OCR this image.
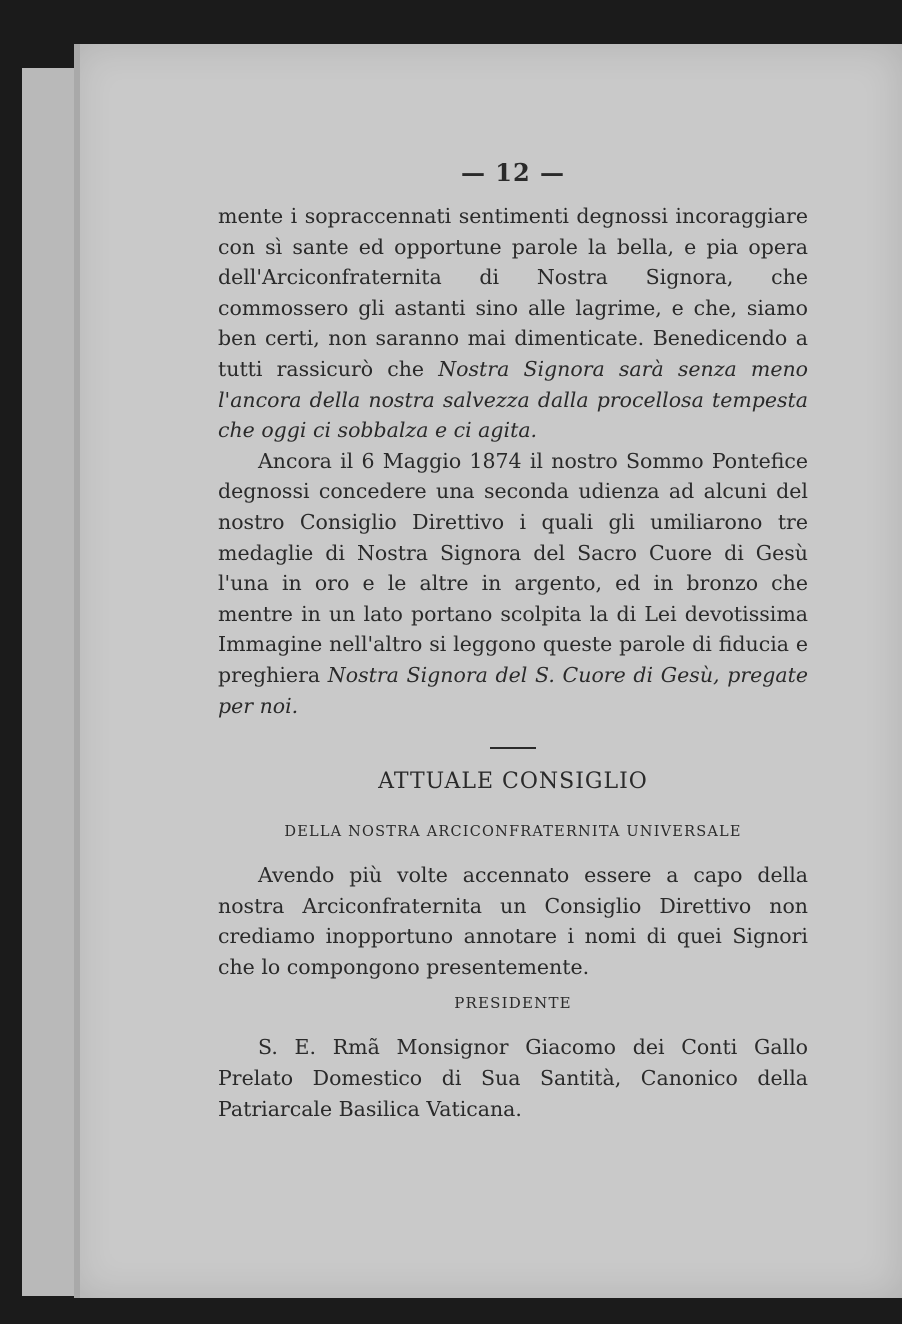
— 12 —

mente i sopraccennati sentimenti degnossi incoraggiare con sì sante ed opportune parole la bella, e pia opera dell'Arciconfraternita di Nostra Signora, che commossero gli astanti sino alle lagrime, e che, siamo ben certi, non saranno mai dimenticate. Benedicendo a tutti rassicurò che Nostra Signora sarà senza meno l'ancora della nostra salvezza dalla procellosa tempesta che oggi ci sobbalza e ci agita.

Ancora il 6 Maggio 1874 il nostro Sommo Pontefice degnossi concedere una seconda udienza ad alcuni del nostro Consiglio Direttivo i quali gli umiliarono tre medaglie di Nostra Signora del Sacro Cuore di Gesù l'una in oro e le altre in argento, ed in bronzo che mentre in un lato portano scolpita la di Lei devotissima Immagine nell'altro si leggono queste parole di fiducia e preghiera Nostra Signora del S. Cuore di Gesù, pregate per noi.

ATTUALE CONSIGLIO
DELLA NOSTRA ARCICONFRATERNITA UNIVERSALE

Avendo più volte accennato essere a capo della nostra Arciconfraternita un Consiglio Direttivo non crediamo inopportuno annotare i nomi di quei Signori che lo compongono presentemente.

PRESIDENTE

S. E. Rmã Monsignor Giacomo dei Conti Gallo Prelato Domestico di Sua Santità, Canonico della Patriarcale Basilica Vaticana.
